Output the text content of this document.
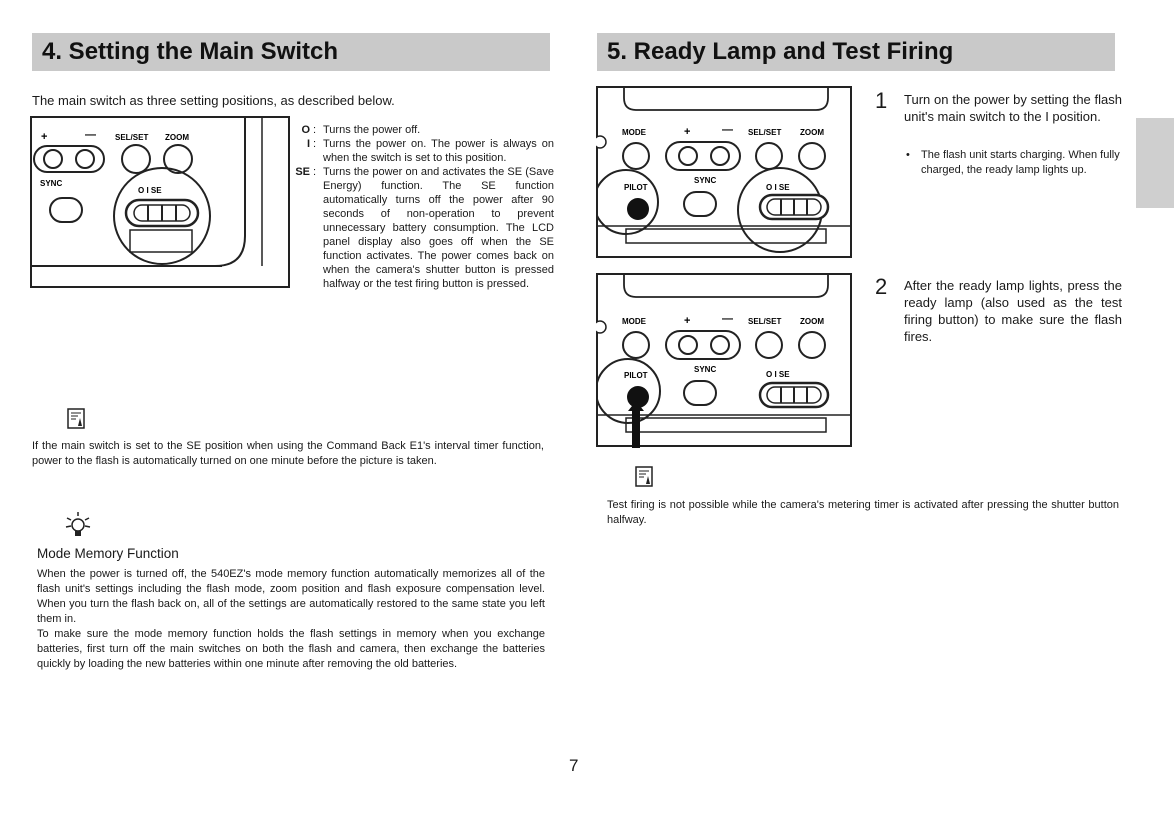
4. Setting the Main Switch
The main switch as three setting positions, as described below.
+	— SEL/SET ZOOM
SYNC
O I SE
O : Turns the power off.
I : Turns the power on. The power is always on when the switch is set to this position.
SE : Turns the power on and activates the SE (Save Energy) function. The SE function automatically turns off the power after 90 seconds of non-operation to prevent unnecessary battery consumption. The LCD panel display also goes off when the SE function activates. The power comes back on when the camera's shutter button is pressed halfway or the test firing button is pressed.
If the main switch is set to the SE position when using the Command Back E1's interval timer function, power to the flash is automatically turned on one minute before the picture is taken.
Mode Memory Function
When the power is turned off, the 540EZ's mode memory function automatically memorizes all of the flash unit's settings including the flash mode, zoom position and flash exposure compensation level. When you turn the flash back on, all of the settings are automatically restored to the same state you left them in.
To make sure the mode memory function holds the flash settings in memory when you exchange batteries, first turn off the main switches on both the flash and camera, then exchange the batteries quickly by loading the new batteries within one minute after removing the old batteries.
5. Ready Lamp and Test Firing
MODE	+	— SEL/SET ZOOM
SYNC
PILOT	O I SE
MODE	+	— SEL/SET ZOOM
SYNC
PILOT	O I SE
1 Turn on the power by setting the flash unit's main switch to the I position.
•	The flash unit starts charging. When fully charged, the ready lamp lights up.
2 After the ready lamp lights, press the ready lamp (also used as the test firing button) to make sure the flash fires.
Test firing is not possible while the camera's metering timer is activated after pressing the shutter button halfway.
7
